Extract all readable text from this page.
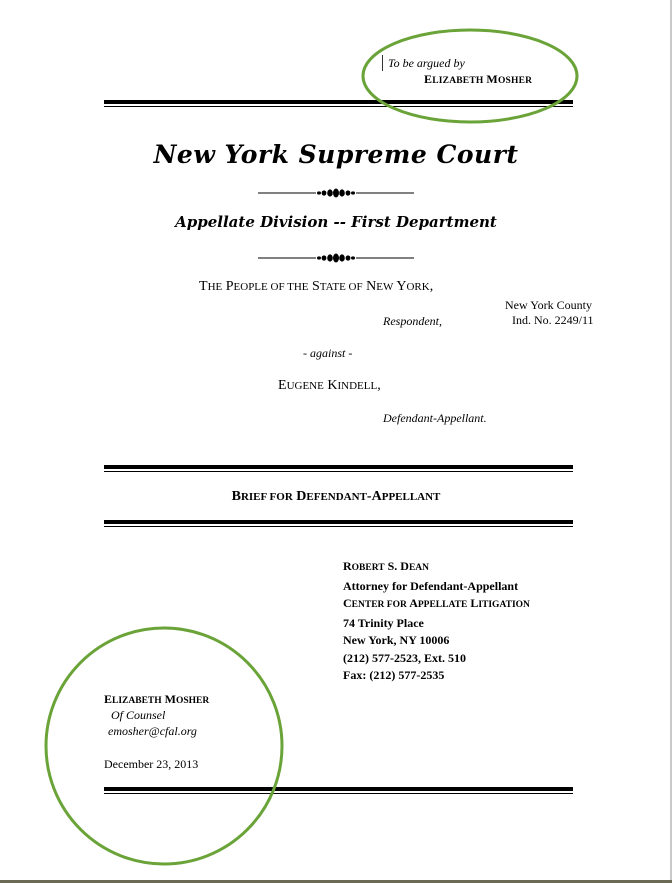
To be argued by
ELIZABETH MOSHER
New York Supreme Court
Appellate Division -- First Department
THE PEOPLE OF THE STATE OF NEW YORK,
New York County
Respondent,	Ind. No. 2249/11
- against -
EUGENE KINDELL,
Defendant-Appellant.
BRIEF FOR DEFENDANT-APPELLANT
ROBERT S. DEAN
Attorney for Defendant-Appellant
CENTER FOR APPELLATE LITIGATION
74 Trinity Place
New York, NY 10006
(212) 577-2523, Ext. 510
Fax: (212) 577-2535
ELIZABETH MOSHER
Of Counsel
emosher@cfal.org
December 23, 2013
